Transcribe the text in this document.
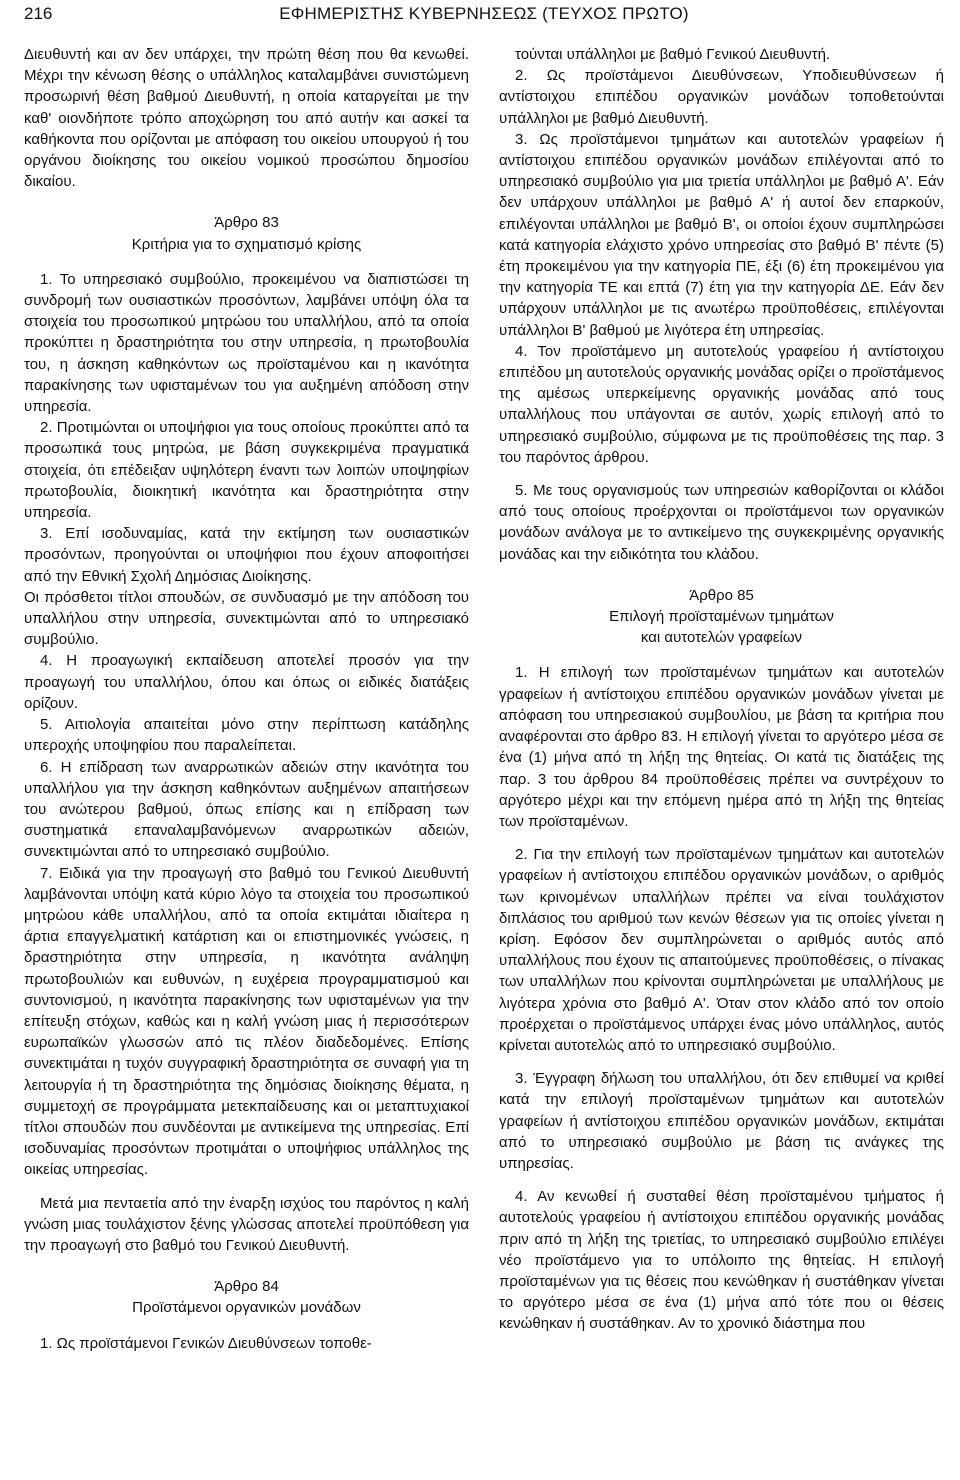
216	ΕΦΗΜΕΡΙΣΤΗΣ ΚΥΒΕΡΝΗΣΕΩΣ (ΤΕΥΧΟΣ ΠΡΩΤΟ)

Διευθυντή και αν δεν υπάρχει, την πρώτη θέση που θα κενωθεί. Μέχρι την κένωση θέσης ο υπάλληλος καταλαμβάνει συνιστώμενη προσωρινή θέση βαθμού Διευθυντή, η οποία καταργείται με την καθ' οιονδήποτε τρόπο αποχώρηση του από αυτήν και ασκεί τα καθήκοντα που ορίζονται με απόφαση του οικείου υπουργού ή του οργάνου διοίκησης του οικείου νομικού προσώπου δημοσίου δικαίου.

Άρθρο 83
Κριτήρια για το σχηματισμό κρίσης

1. Το υπηρεσιακό συμβούλιο, προκειμένου να διαπιστώσει τη συνδρομή των ουσιαστικών προσόντων, λαμβάνει υπόψη όλα τα στοιχεία του προσωπικού μητρώου του υπαλλήλου, από τα οποία προκύπτει η δραστηριότητα του στην υπηρεσία, η πρωτοβουλία του, η άσκηση καθηκόντων ως προϊσταμένου και η ικανότητα παρακίνησης των υφισταμένων του για αυξημένη απόδοση στην υπηρεσία.

2. Προτιμώνται οι υποψήφιοι για τους οποίους προκύπτει από τα προσωπικά τους μητρώα, με βάση συγκεκριμένα πραγματικά στοιχεία, ότι επέδειξαν υψηλότερη έναντι των λοιπών υποψηφίων πρωτοβουλία, διοικητική ικανότητα και δραστηριότητα στην υπηρεσία.

3. Επί ισοδυναμίας, κατά την εκτίμηση των ουσιαστικών προσόντων, προηγούνται οι υποψήφιοι που έχουν αποφοιτήσει από την Εθνική Σχολή Δημόσιας Διοίκησης.

Οι πρόσθετοι τίτλοι σπουδών, σε συνδυασμό με την απόδοση του υπαλλήλου στην υπηρεσία, συνεκτιμώνται από το υπηρεσιακό συμβούλιο.

4. Η προαγωγική εκπαίδευση αποτελεί προσόν για την προαγωγή του υπαλλήλου, όπου και όπως οι ειδικές διατάξεις ορίζουν.

5. Αιτιολογία απαιτείται μόνο στην περίπτωση κατάδηλης υπεροχής υποψηφίου που παραλείπεται.

6. Η επίδραση των αναρρωτικών αδειών στην ικανότητα του υπαλλήλου για την άσκηση καθηκόντων αυξημένων απαιτήσεων του ανώτερου βαθμού, όπως επίσης και η επίδραση των συστηματικά επαναλαμβανόμενων αναρρωτικών αδειών, συνεκτιμώνται από το υπηρεσιακό συμβούλιο.

7. Ειδικά για την προαγωγή στο βαθμό του Γενικού Διευθυντή λαμβάνονται υπόψη κατά κύριο λόγο τα στοιχεία του προσωπικού μητρώου κάθε υπαλλήλου, από τα οποία εκτιμάται ιδιαίτερα η άρτια επαγγελματική κατάρτιση και οι επιστημονικές γνώσεις, η δραστηριότητα στην υπηρεσία, η ικανότητα ανάληψη πρωτοβουλιών και ευθυνών, η ευχέρεια προγραμματισμού και συντονισμού, η ικανότητα παρακίνησης των υφισταμένων για την επίτευξη στόχων, καθώς και η καλή γνώση μιας ή περισσότερων ευρωπαϊκών γλωσσών από τις πλέον διαδεδομένες. Επίσης συνεκτιμάται η τυχόν συγγραφική δραστηριότητα σε συναφή για τη λειτουργία ή τη δραστηριότητα της δημόσιας διοίκησης θέματα, η συμμετοχή σε προγράμματα μετεκπαίδευσης και οι μεταπτυχιακοί τίτλοι σπουδών που συνδέονται με αντικείμενα της υπηρεσίας. Επί ισοδυναμίας προσόντων προτιμάται ο υποψήφιος υπάλληλος της οικείας υπηρεσίας.

Μετά μια πενταετία από την έναρξη ισχύος του παρόντος η καλή γνώση μιας τουλάχιστον ξένης γλώσσας αποτελεί προϋπόθεση για την προαγωγή στο βαθμό του Γενικού Διευθυντή.

Άρθρο 84
Προϊστάμενοι οργανικών μονάδων

1. Ως προϊστάμενοι Γενικών Διευθύνσεων τοποθε-

τούνται υπάλληλοι με βαθμό Γενικού Διευθυντή.

2. Ως προϊστάμενοι Διευθύνσεων, Υποδιευθύνσεων ή αντίστοιχου επιπέδου οργανικών μονάδων τοποθετούνται υπάλληλοι με βαθμό Διευθυντή.

3. Ως προϊστάμενοι τμημάτων και αυτοτελών γραφείων ή αντίστοιχου επιπέδου οργανικών μονάδων επιλέγονται από το υπηρεσιακό συμβούλιο για μια τριετία υπάλληλοι με βαθμό Α'. Εάν δεν υπάρχουν υπάλληλοι με βαθμό Α' ή αυτοί δεν επαρκούν, επιλέγονται υπάλληλοι με βαθμό Β', οι οποίοι έχουν συμπληρώσει κατά κατηγορία ελάχιστο χρόνο υπηρεσίας στο βαθμό Β' πέντε (5) έτη προκειμένου για την κατηγορία ΠΕ, έξι (6) έτη προκειμένου για την κατηγορία ΤΕ και επτά (7) έτη για την κατηγορία ΔΕ. Εάν δεν υπάρχουν υπάλληλοι με τις ανωτέρω προϋποθέσεις, επιλέγονται υπάλληλοι Β' βαθμού με λιγότερα έτη υπηρεσίας.

4. Τον προϊστάμενο μη αυτοτελούς γραφείου ή αντίστοιχου επιπέδου μη αυτοτελούς οργανικής μονάδας ορίζει ο προϊστάμενος της αμέσως υπερκείμενης οργανικής μονάδας από τους υπαλλήλους που υπάγονται σε αυτόν, χωρίς επιλογή από το υπηρεσιακό συμβούλιο, σύμφωνα με τις προϋποθέσεις της παρ. 3 του παρόντος άρθρου.

5. Με τους οργανισμούς των υπηρεσιών καθορίζονται οι κλάδοι από τους οποίους προέρχονται οι προϊστάμενοι των οργανικών μονάδων ανάλογα με το αντικείμενο της συγκεκριμένης οργανικής μονάδας και την ειδικότητα του κλάδου.

Άρθρο 85
Επιλογή προϊσταμένων τμημάτων
και αυτοτελών γραφείων

1. Η επιλογή των προϊσταμένων τμημάτων και αυτοτελών γραφείων ή αντίστοιχου επιπέδου οργανικών μονάδων γίνεται με απόφαση του υπηρεσιακού συμβουλίου, με βάση τα κριτήρια που αναφέρονται στο άρθρο 83. Η επιλογή γίνεται το αργότερο μέσα σε ένα (1) μήνα από τη λήξη της θητείας. Οι κατά τις διατάξεις της παρ. 3 του άρθρου 84 προϋποθέσεις πρέπει να συντρέχουν το αργότερο μέχρι και την επόμενη ημέρα από τη λήξη της θητείας των προϊσταμένων.

2. Για την επιλογή των προϊσταμένων τμημάτων και αυτοτελών γραφείων ή αντίστοιχου επιπέδου οργανικών μονάδων, ο αριθμός των κρινομένων υπαλλήλων πρέπει να είναι τουλάχιστον διπλάσιος του αριθμού των κενών θέσεων για τις οποίες γίνεται η κρίση. Εφόσον δεν συμπληρώνεται ο αριθμός αυτός από υπαλλήλους που έχουν τις απαιτούμενες προϋποθέσεις, ο πίνακας των υπαλλήλων που κρίνονται συμπληρώνεται με υπαλλήλους με λιγότερα χρόνια στο βαθμό Α'. Όταν στον κλάδο από τον οποίο προέρχεται ο προϊστάμενος υπάρχει ένας μόνο υπάλληλος, αυτός κρίνεται αυτοτελώς από το υπηρεσιακό συμβούλιο.

3. Έγγραφη δήλωση του υπαλλήλου, ότι δεν επιθυμεί να κριθεί κατά την επιλογή προϊσταμένων τμημάτων και αυτοτελών γραφείων ή αντίστοιχου επιπέδου οργανικών μονάδων, εκτιμάται από το υπηρεσιακό συμβούλιο με βάση τις ανάγκες της υπηρεσίας.

4. Αν κενωθεί ή συσταθεί θέση προϊσταμένου τμήματος ή αυτοτελούς γραφείου ή αντίστοιχου επιπέδου οργανικής μονάδας πριν από τη λήξη της τριετίας, το υπηρεσιακό συμβούλιο επιλέγει νέο προϊστάμενο για το υπόλοιπο της θητείας. Η επιλογή προϊσταμένων για τις θέσεις που κενώθηκαν ή συστάθηκαν γίνεται το αργότερο μέσα σε ένα (1) μήνα από τότε που οι θέσεις κενώθηκαν ή συστάθηκαν. Αν το χρονικό διάστημα που
